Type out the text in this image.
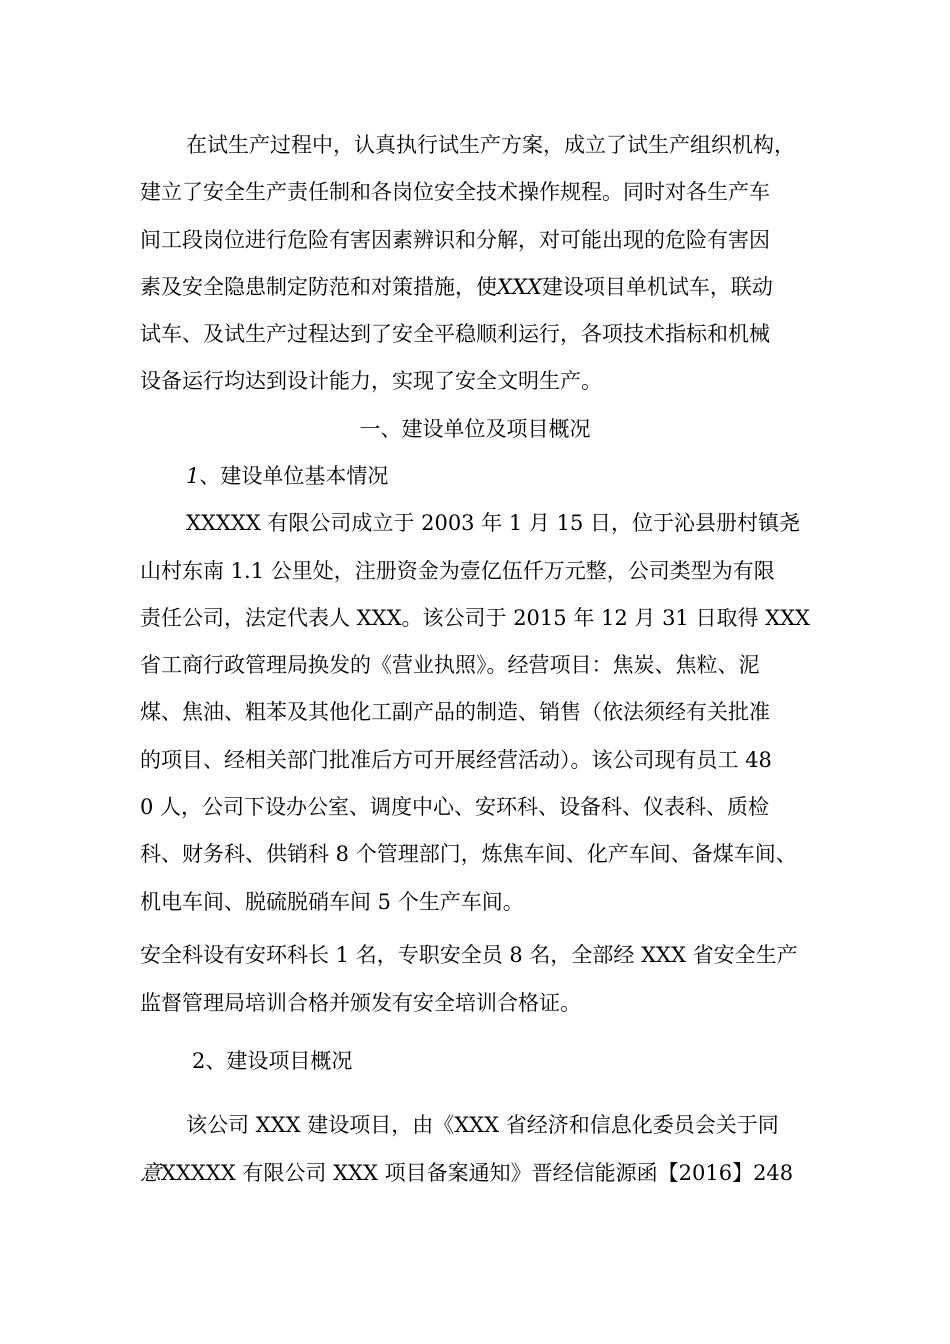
在试生产过程中，认真执行试生产方案，成立了试生产组织机构，
建立了安全生产责任制和各岗位安全技术操作规程。同时对各生产车
间工段岗位进行危险有害因素辨识和分解，对可能出现的危险有害因
素及安全隐患制定防范和对策措施，使XXX建设项目单机试车，联动
试车、及试生产过程达到了安全平稳顺利运行，各项技术指标和机械
设备运行均达到设计能力，实现了安全文明生产。
一、建设单位及项目概况
1、建设单位基本情况
XXXXX 有限公司成立于 2003 年 1 月 15 日，位于沁县册村镇尧
山村东南 1.1 公里处，注册资金为壹亿伍仟万元整，公司类型为有限
责任公司，法定代表人 XXX。该公司于 2015 年 12 月 31 日取得 XXX
省工商行政管理局换发的《营业执照》。经营项目：焦炭、焦粒、泥
煤、焦油、粗苯及其他化工副产品的制造、销售（依法须经有关批准
的项目、经相关部门批准后方可开展经营活动）。该公司现有员工 48
0 人，公司下设办公室、调度中心、安环科、设备科、仪表科、质检
科、财务科、供销科 8 个管理部门，炼焦车间、化产车间、备煤车间、
机电车间、脱硫脱硝车间 5 个生产车间。
安全科设有安环科长 1 名，专职安全员 8 名，全部经 XXX 省安全生产
监督管理局培训合格并颁发有安全培训合格证。
2、建设项目概况
该公司 XXX 建设项目，由《XXX 省经济和信息化委员会关于同
意XXXXX 有限公司 XXX 项目备案通知》晋经信能源函【2016】248
